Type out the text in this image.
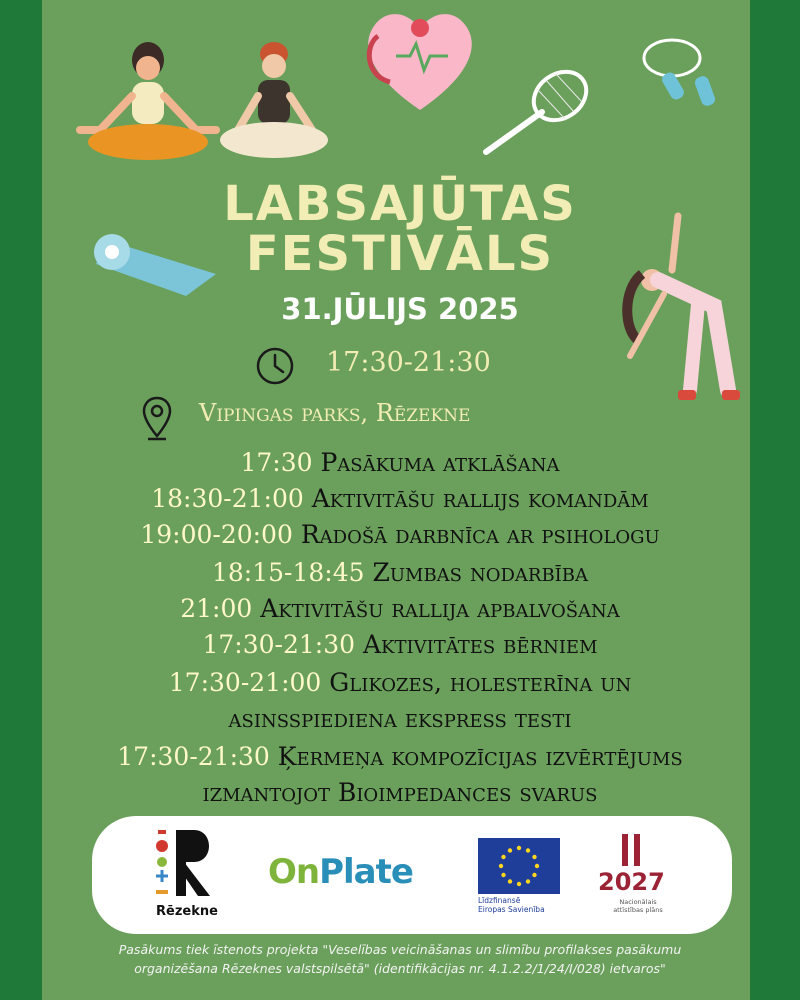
LABSAJŪTAS
FESTIVĀLS
31.JŪLIJS 2025
17:30-21:30
Vipingas parks, Rēzekne
17:30 Pasākuma atklāšana
18:30-21:00 Aktivitāšu rallijs komandām
19:00-20:00 Radošā darbnīca ar psihologu
18:15-18:45 Zumbas nodarbība
21:00 Aktivitāšu rallija apbalvošana
17:30-21:30 Aktivitātes bērniem
17:30-21:00 Glikozes, holesterīna un
asinsspiediena ekspress testi
17:30-21:30 Ķermeņa kompozīcijas izvērtējums
izmantojot Bioimpedances svarus
Rēzekne
OnPlate
Līdzfinansē
Eiropas Savienība
2027
Nacionālais
attīstības plāns
Pasākums tiek īstenots projekta "Veselības veicināšanas un slimību profilakses pasākumu
organizēšana Rēzeknes valstspilsētā" (identifikācijas nr. 4.1.2.2/1/24/I/028) ietvaros"
